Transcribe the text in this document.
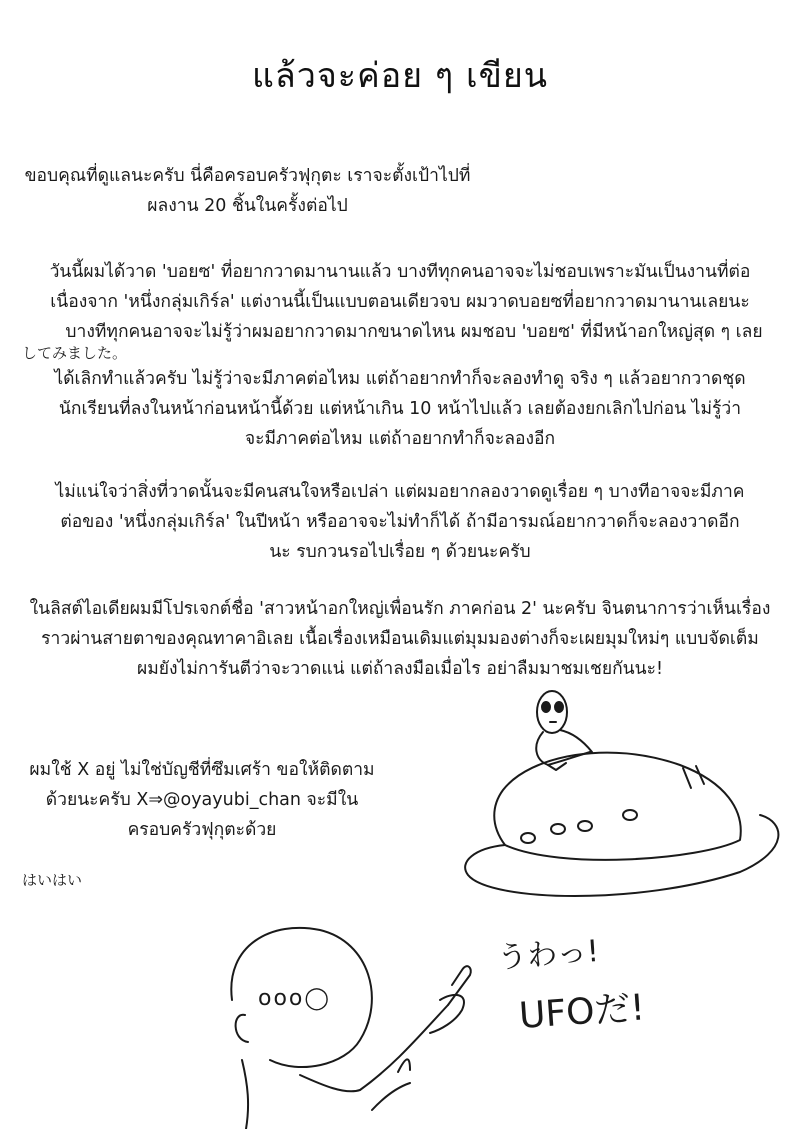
แล้วจะค่อย ๆ เขียน
ขอบคุณที่ดูแลนะครับ นี่คือครอบครัวฟุกุตะ เราจะตั้งเป้าไปที่
ผลงาน 20 ชิ้นในครั้งต่อไป
วันนี้ผมได้วาด 'บอยซ' ที่อยากวาดมานานแล้ว บางทีทุกคนอาจจะไม่ชอบเพราะมันเป็นงานที่ต่อ
เนื่องจาก 'หนึ่งกลุ่มเกิร์ล' แต่งานนี้เป็นแบบตอนเดียวจบ ผมวาดบอยซที่อยากวาดมานานเลยนะ
บางทีทุกคนอาจจะไม่รู้ว่าผมอยากวาดมากขนาดไหน ผมชอบ 'บอยซ' ที่มีหน้าอกใหญ่สุด ๆ เลย
してみました。
ได้เลิกทำแล้วครับ ไม่รู้ว่าจะมีภาคต่อไหม แต่ถ้าอยากทำก็จะลองทำดู จริง ๆ แล้วอยากวาดชุด
นักเรียนที่ลงในหน้าก่อนหน้านี้ด้วย แต่หน้าเกิน 10 หน้าไปแล้ว เลยต้องยกเลิกไปก่อน ไม่รู้ว่า
จะมีภาคต่อไหม แต่ถ้าอยากทำก็จะลองอีก
ไม่แน่ใจว่าสิ่งที่วาดนั้นจะมีคนสนใจหรือเปล่า แต่ผมอยากลองวาดดูเรื่อย ๆ บางทีอาจจะมีภาค
ต่อของ 'หนึ่งกลุ่มเกิร์ล' ในปีหน้า หรืออาจจะไม่ทำก็ได้ ถ้ามีอารมณ์อยากวาดก็จะลองวาดอีก
นะ รบกวนรอไปเรื่อย ๆ ด้วยนะครับ
ในลิสต์ไอเดียผมมีโปรเจกต์ชื่อ 'สาวหน้าอกใหญ่เพื่อนรัก ภาคก่อน 2' นะครับ จินตนาการว่าเห็นเรื่อง
ราวผ่านสายตาของคุณทาคาอิเลย เนื้อเรื่องเหมือนเดิมแต่มุมมองต่างก็จะเผยมุมใหม่ๆ แบบจัดเต็ม
ผมยังไม่การันตีว่าจะวาดแน่ แต่ถ้าลงมือเมื่อไร อย่าลืมมาชมเชยกันนะ!
ผมใช้ X อยู่ ไม่ใช่บัญชีที่ซึมเศร้า ขอให้ติดตาม
ด้วยนะครับ X⇒@oyayubi_chan จะมีใน
ครอบครัวฟุกุตะด้วย
はいはい
ooo◯
うわっ!
UFOだ!
